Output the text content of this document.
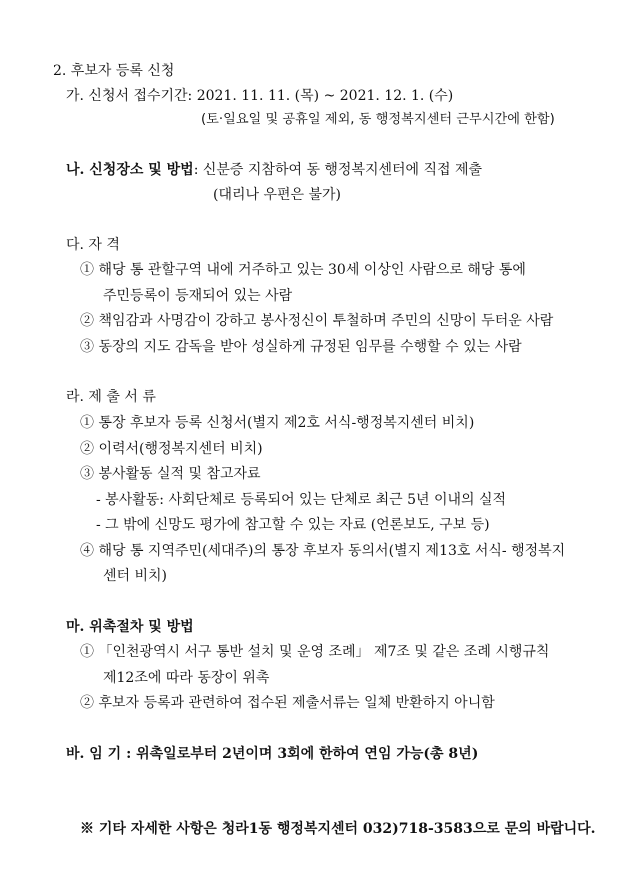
2. 후보자 등록 신청
가. 신청서 접수기간: 2021. 11. 11. (목) ~ 2021. 12. 1. (수)
(토·일요일 및 공휴일 제외, 동 행정복지센터 근무시간에 한함)
나. 신청장소 및 방법: 신분증 지참하여 동 행정복지센터에 직접 제출
(대리나 우편은 불가)
다. 자 격
① 해당 통 관할구역 내에 거주하고 있는 30세 이상인 사람으로 해당 통에
주민등록이 등재되어 있는 사람
② 책임감과 사명감이 강하고 봉사정신이 투철하며 주민의 신망이 두터운 사람
③ 동장의 지도 감독을 받아 성실하게 규정된 임무를 수행할 수 있는 사람
라. 제 출 서 류
① 통장 후보자 등록 신청서(별지 제2호 서식-행정복지센터 비치)
② 이력서(행정복지센터 비치)
③ 봉사활동 실적 및 참고자료
- 봉사활동: 사회단체로 등록되어 있는 단체로 최근 5년 이내의 실적
- 그 밖에 신망도 평가에 참고할 수 있는 자료 (언론보도, 구보 등)
④ 해당 통 지역주민(세대주)의 통장 후보자 동의서(별지 제13호 서식- 행정복지
센터 비치)
마. 위촉절차 및 방법
① 「인천광역시 서구 통반 설치 및 운영 조례」 제7조 및 같은 조례 시행규칙
제12조에 따라 동장이 위촉
② 후보자 등록과 관련하여 접수된 제출서류는 일체 반환하지 아니함
바. 임 기 : 위촉일로부터 2년이며 3회에 한하여 연임 가능(총 8년)
※ 기타 자세한 사항은 청라1동 행정복지센터 032)718-3583으로 문의 바랍니다.
